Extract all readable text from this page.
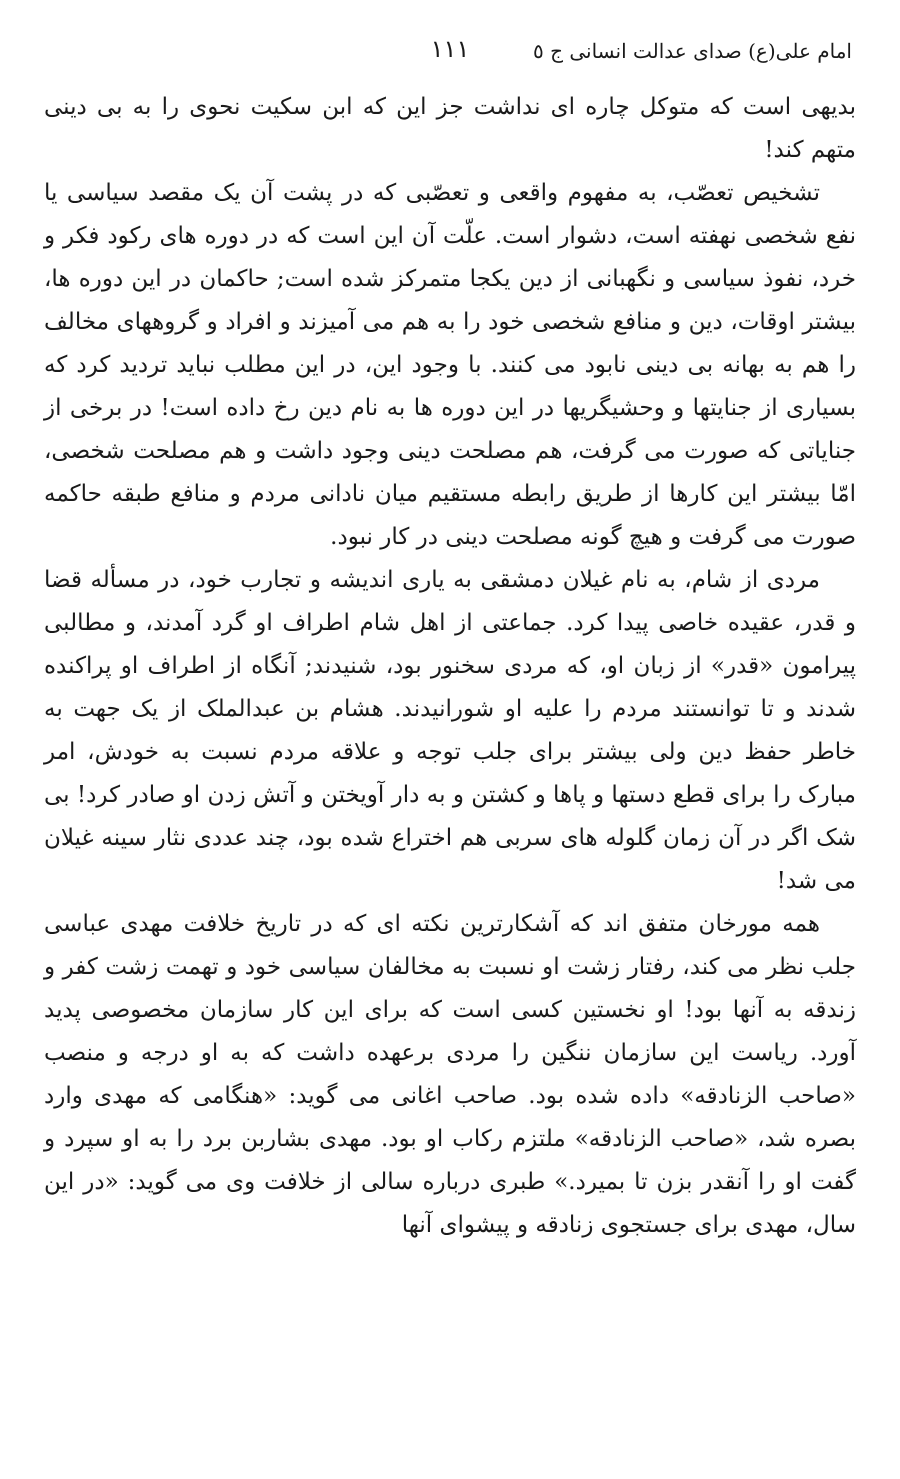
امام علی(ع) صدای عدالت انسانی ج ٥
١١١

بدیهی است که متوکل چاره ای نداشت جز این که ابن سکیت نحوی را به بی دینی متهم کند!

تشخیص تعصّب، به مفهوم واقعی و تعصّبی که در پشت آن یک مقصد سیاسی یا نفع شخصی نهفته است، دشوار است. علّت آن این است که در دوره های رکود فکر و خرد، نفوذ سیاسی و نگهبانی از دین یکجا متمرکز شده است; حاکمان در این دوره ها، بیشتر اوقات، دین و منافع شخصی خود را به هم می آمیزند و افراد و گروههای مخالف را هم به بهانه بی دینی نابود می کنند. با وجود این، در این مطلب نباید تردید کرد که بسیاری از جنایتها و وحشیگریها در این دوره ها به نام دین رخ داده است! در برخی از جنایاتی که صورت می گرفت، هم مصلحت دینی وجود داشت و هم مصلحت شخصی، امّا بیشتر این کارها از طریق رابطه مستقیم میان نادانی مردم و منافع طبقه حاکمه صورت می گرفت و هیچ گونه مصلحت دینی در کار نبود.

مردی از شام، به نام غیلان دمشقی به یاری اندیشه و تجارب خود، در مسأله قضا و قدر، عقیده خاصی پیدا کرد. جماعتی از اهل شام اطراف او گرد آمدند، و مطالبی پیرامون «قدر» از زبان او، که مردی سخنور بود، شنیدند; آنگاه از اطراف او پراکنده شدند و تا توانستند مردم را علیه او شورانیدند. هشام بن عبدالملک از یک جهت به خاطر حفظ دین ولی بیشتر برای جلب توجه و علاقه مردم نسبت به خودش، امر مبارک را برای قطع دستها و پاها و کشتن و به دار آویختن و آتش زدن او صادر کرد! بی شک اگر در آن زمان گلوله های سربی هم اختراع شده بود، چند عددی نثار سینه غیلان می شد!

همه مورخان متفق اند که آشکارترین نکته ای که در تاریخ خلافت مهدی عباسی جلب نظر می کند، رفتار زشت او نسبت به مخالفان سیاسی خود و تهمت زشت کفر و زندقه به آنها بود! او نخستین کسی است که برای این کار سازمان مخصوصی پدید آورد. ریاست این سازمان ننگین را مردی برعهده داشت که به او درجه و منصب «صاحب الزنادقه» داده شده بود. صاحب اغانی می گوید: «هنگامی که مهدی وارد بصره شد، «صاحب الزنادقه» ملتزم رکاب او بود. مهدی بشاربن برد را به او سپرد و گفت او را آنقدر بزن تا بمیرد.» طبری درباره سالی از خلافت وی می گوید: «در این سال، مهدی برای جستجوی زنادقه و پیشوای آنها
